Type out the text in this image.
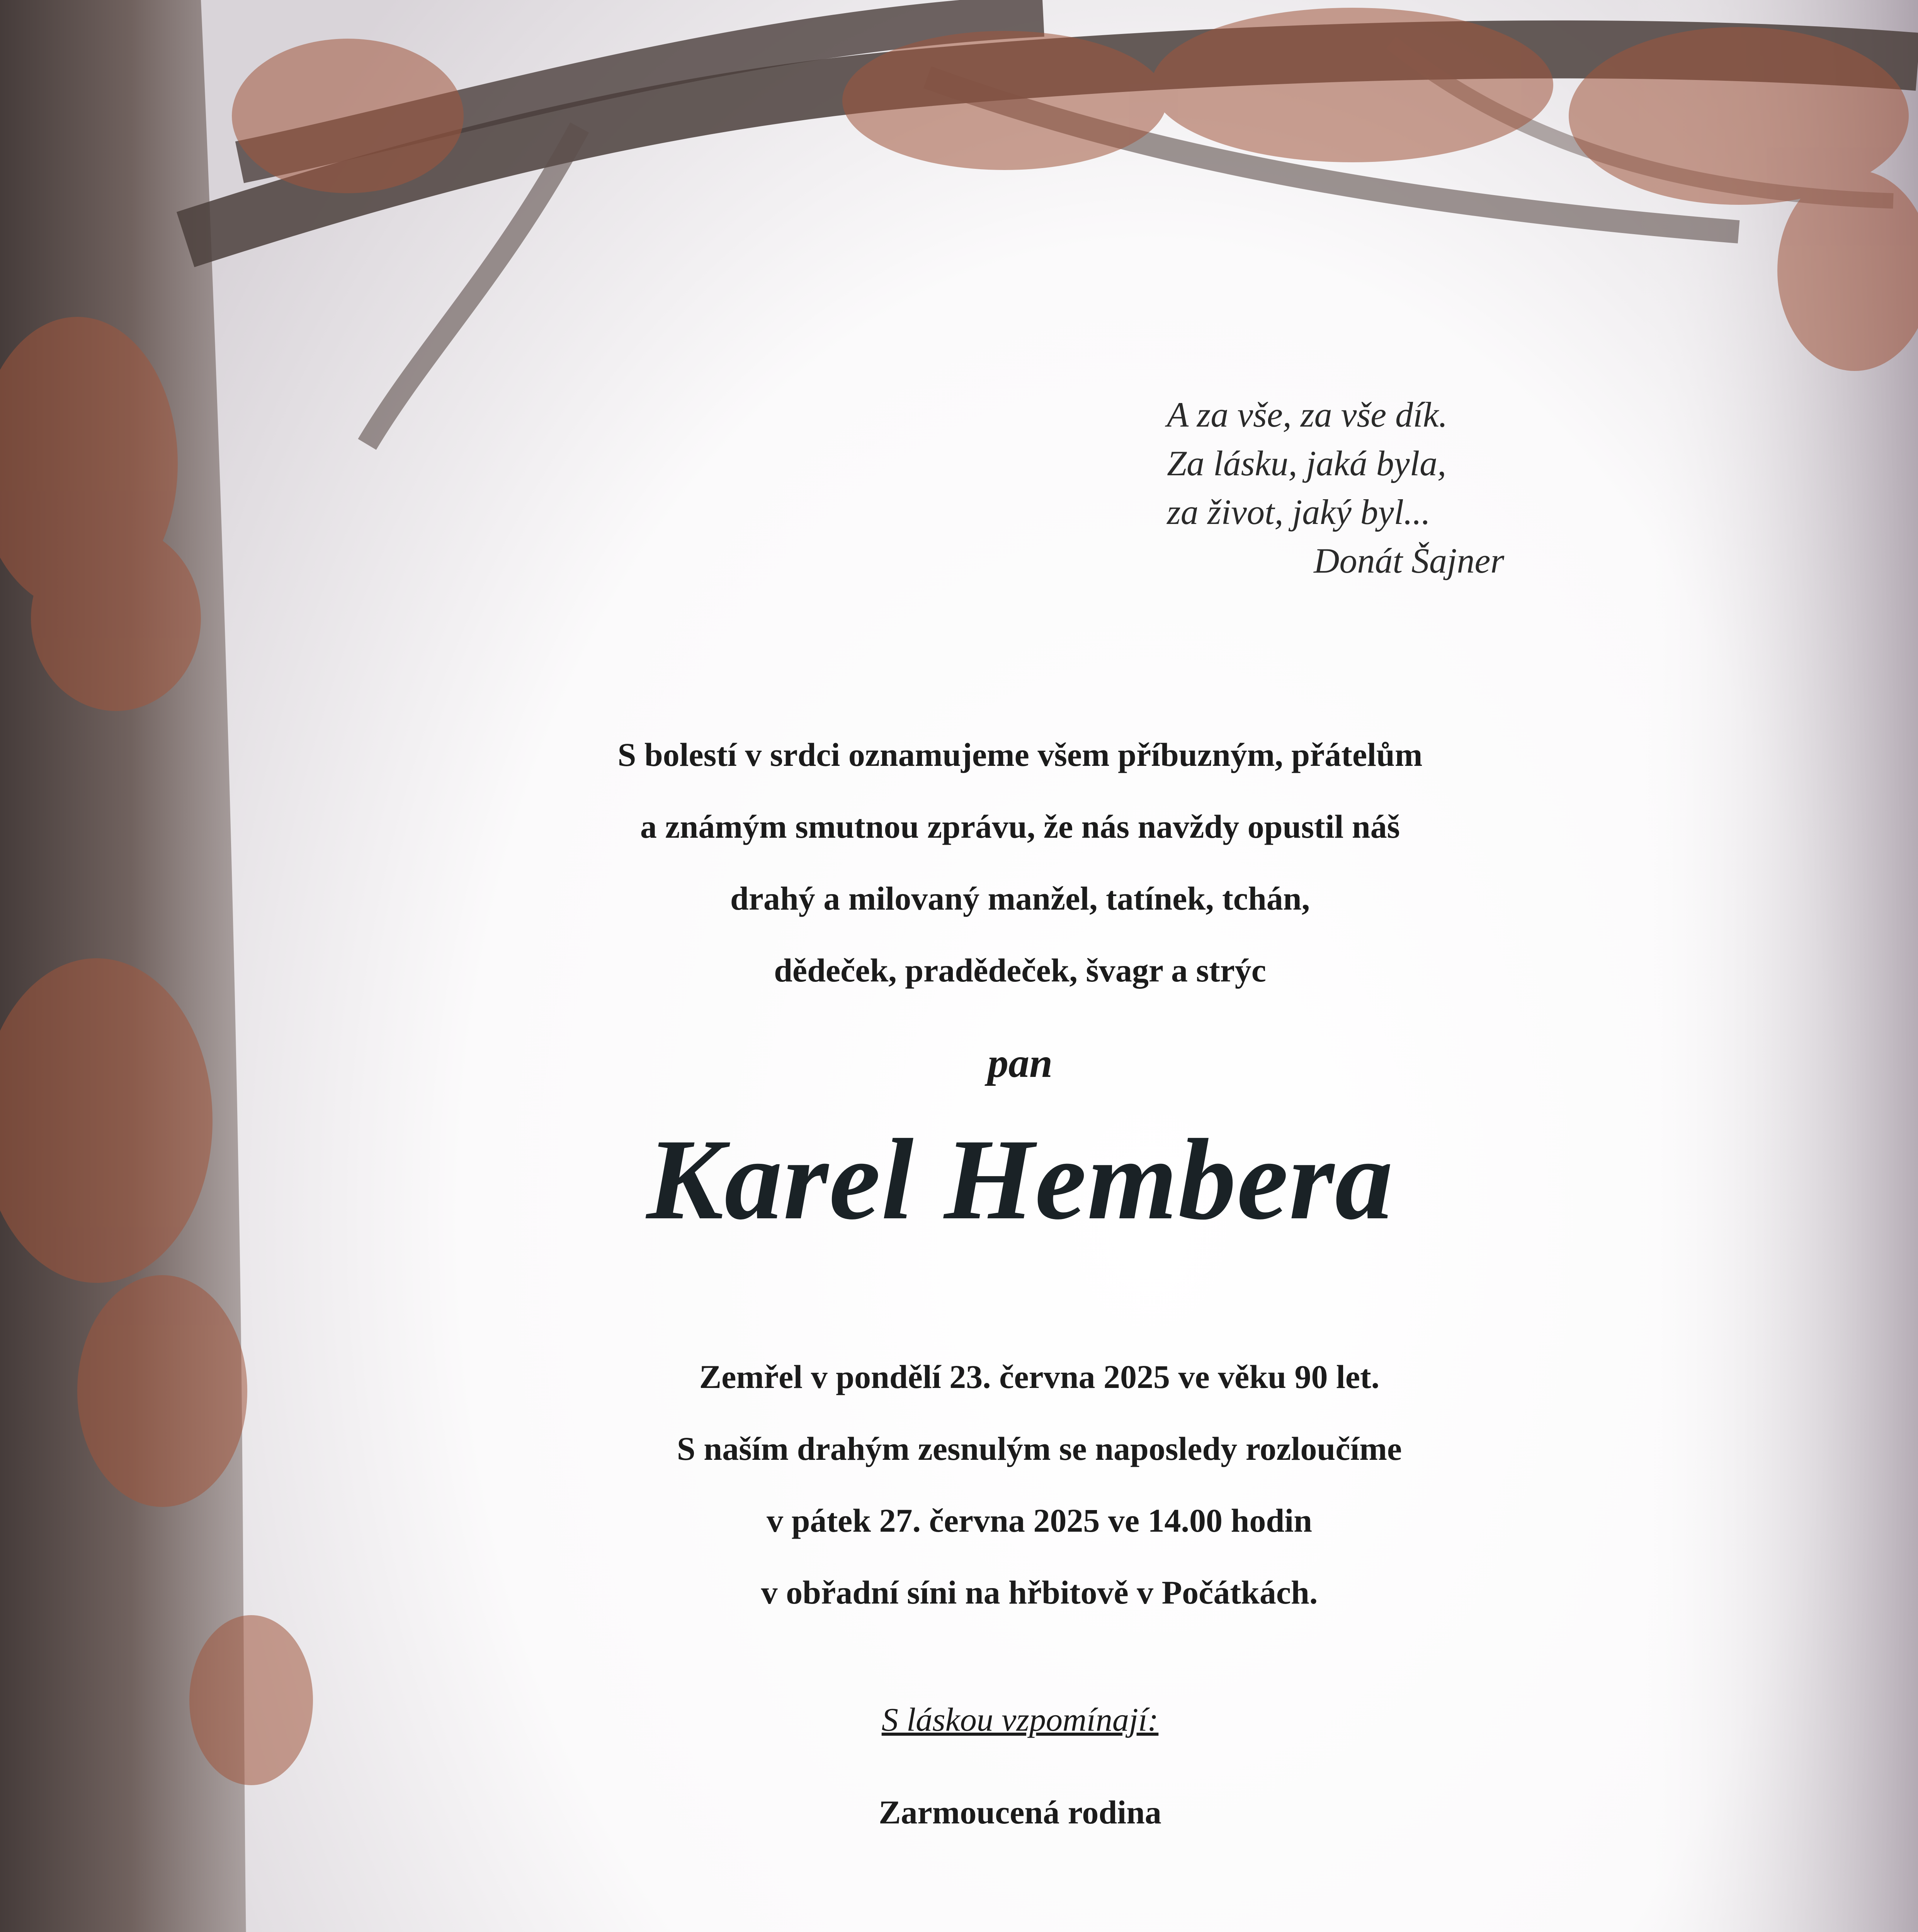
A za vše, za vše dík.
Za lásku, jaká byla,
za život, jaký byl...
Donát Šajner
S bolestí v srdci oznamujeme všem příbuzným, přátelům
a známým smutnou zprávu, že nás navždy opustil náš
drahý a milovaný manžel, tatínek, tchán,
dědeček, pradědeček, švagr a strýc
pan
Karel Hembera
Zemřel v pondělí 23. června 2025 ve věku 90 let.
S naším drahým zesnulým se naposledy rozloučíme
v pátek 27. června 2025 ve 14.00 hodin
v obřadní síni na hřbitově v Počátkách.
S láskou vzpomínají:
Zarmoucená rodina
